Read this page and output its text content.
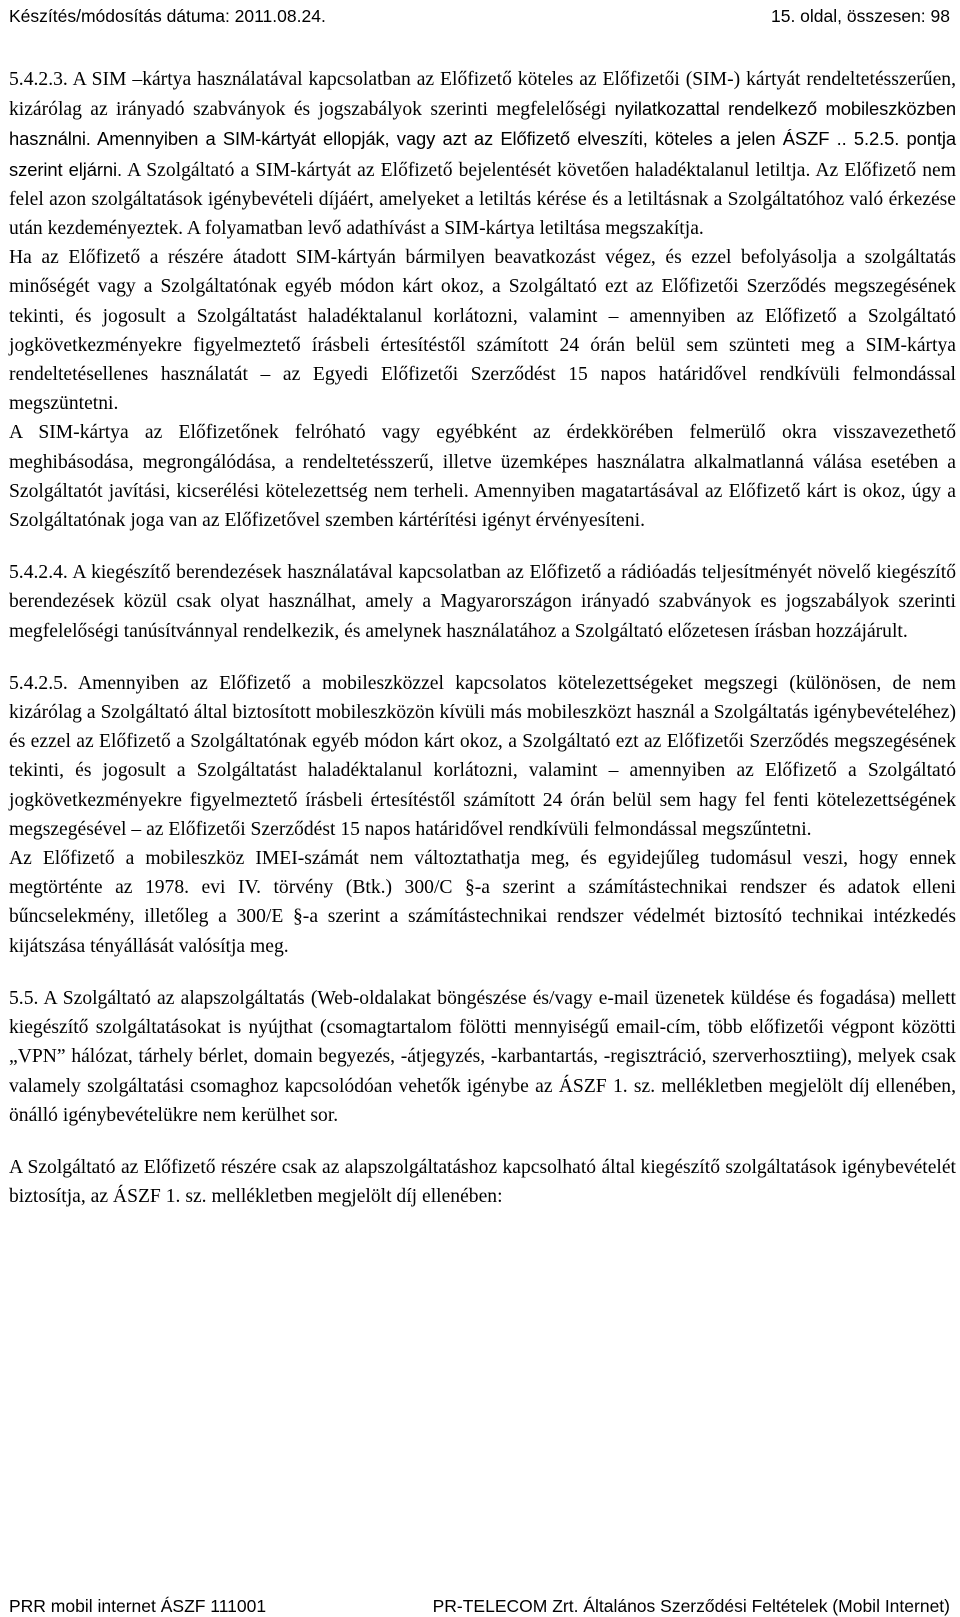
Készítés/módosítás dátuma: 2011.08.24.	15. oldal, összesen: 98

5.4.2.3. A SIM –kártya használatával kapcsolatban az Előfizető köteles az Előfizetői (SIM-) kártyát rendeltetésszerűen, kizárólag az irányadó szabványok és jogszabályok szerinti megfelelőségi nyilatkozattal rendelkező mobileszközben használni. Amennyiben a SIM-kártyát ellopják, vagy azt az Előfizető elveszíti, köteles a jelen ÁSZF .. 5.2.5. pontja szerint eljárni. A Szolgáltató a SIM-kártyát az Előfizető bejelentését követően haladéktalanul letiltja. Az Előfizető nem felel azon szolgáltatások igénybevételi díjáért, amelyeket a letiltás kérése és a letiltásnak a Szolgáltatóhoz való érkezése után kezdeményeztek. A folyamatban levő adathívást a SIM-kártya letiltása megszakítja.

Ha az Előfizető a részére átadott SIM-kártyán bármilyen beavatkozást végez, és ezzel befolyásolja a szolgáltatás minőségét vagy a Szolgáltatónak egyéb módon kárt okoz, a Szolgáltató ezt az Előfizetői Szerződés megszegésének tekinti, és jogosult a Szolgáltatást haladéktalanul korlátozni, valamint – amennyiben az Előfizető a Szolgáltató jogkövetkezményekre figyelmeztető írásbeli értesítéstől számított 24 órán belül sem szünteti meg a SIM-kártya rendeltetésellenes használatát – az Egyedi Előfizetői Szerződést 15 napos határidővel rendkívüli felmondással megszüntetni.

A SIM-kártya az Előfizetőnek felróható vagy egyébként az érdekkörében felmerülő okra visszavezethető meghibásodása, megrongálódása, a rendeltetésszerű, illetve üzemképes használatra alkalmatlanná válása esetében a Szolgáltatót javítási, kicserélési kötelezettség nem terheli. Amennyiben magatartásával az Előfizető kárt is okoz, úgy a Szolgáltatónak joga van az Előfizetővel szemben kártérítési igényt érvényesíteni.

5.4.2.4. A kiegészítő berendezések használatával kapcsolatban az Előfizető a rádióadás teljesítményét növelő kiegészítő berendezések közül csak olyat használhat, amely a Magyarországon irányadó szabványok es jogszabályok szerinti megfelelőségi tanúsítvánnyal rendelkezik, és amelynek használatához a Szolgáltató előzetesen írásban hozzájárult.

5.4.2.5. Amennyiben az Előfizető a mobileszközzel kapcsolatos kötelezettségeket megszegi (különösen, de nem kizárólag a Szolgáltató által biztosított mobileszközön kívüli más mobileszközt használ a Szolgáltatás igénybevételéhez) és ezzel az Előfizető a Szolgáltatónak egyéb módon kárt okoz, a Szolgáltató ezt az Előfizetői Szerződés megszegésének tekinti, és jogosult a Szolgáltatást haladéktalanul korlátozni, valamint – amennyiben az Előfizető a Szolgáltató jogkövetkezményekre figyelmeztető írásbeli értesítéstől számított 24 órán belül sem hagy fel fenti kötelezettségének megszegésével – az Előfizetői Szerződést 15 napos határidővel rendkívüli felmondással megszűntetni.

Az Előfizető a mobileszköz IMEI-számát nem változtathatja meg, és egyidejűleg tudomásul veszi, hogy ennek megtörténte az 1978. evi IV. törvény (Btk.) 300/C §-a szerint a számítástechnikai rendszer és adatok elleni bűncselekmény, illetőleg a 300/E §-a szerint a számítástechnikai rendszer védelmét biztosító technikai intézkedés kijátszása tényállását valósítja meg.

5.5. A Szolgáltató az alapszolgáltatás (Web-oldalakat böngészése és/vagy e-mail üzenetek küldése és fogadása) mellett kiegészítő szolgáltatásokat is nyújthat (csomagtartalom fölötti mennyiségű email-cím, több előfizetői végpont közötti „VPN” hálózat, tárhely bérlet, domain begyezés, -átjegyzés, -karbantartás, -regisztráció, szerverhosztiing), melyek csak valamely szolgáltatási csomaghoz kapcsolódóan vehetők igénybe az ÁSZF 1. sz. mellékletben megjelölt díj ellenében, önálló igénybevételükre nem kerülhet sor.

A Szolgáltató az Előfizető részére csak az alapszolgáltatáshoz kapcsolható által kiegészítő szolgáltatások igénybevételét biztosítja, az ÁSZF 1. sz. mellékletben megjelölt díj ellenében:

PRR mobil internet ÁSZF 111001	PR-TELECOM Zrt. Általános Szerződési Feltételek (Mobil Internet)
